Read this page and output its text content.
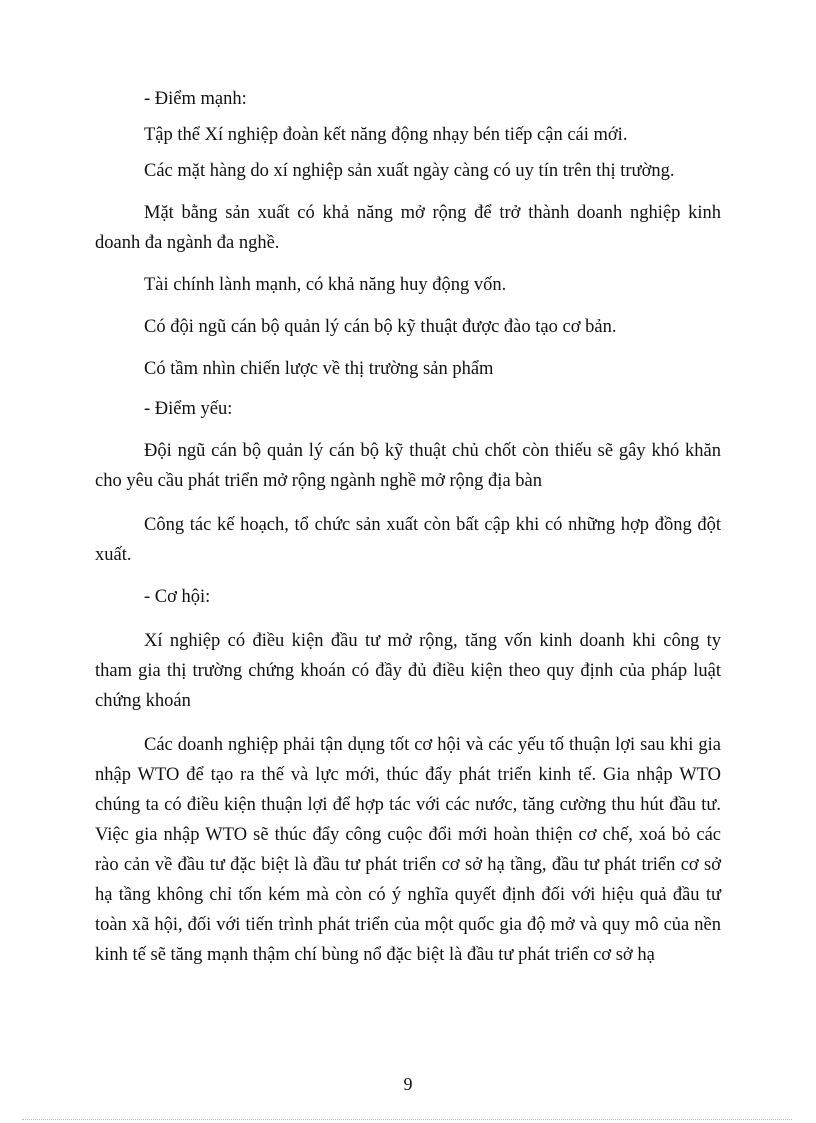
- Điểm mạnh:

Tập thể Xí nghiệp đoàn kết năng động nhạy bén tiếp cận cái mới.

Các mặt hàng do xí nghiệp sản xuất ngày càng có uy tín trên thị trường.

Mặt bằng sản xuất có khả năng mở rộng để trở thành doanh nghiệp kinh doanh đa ngành đa nghề.

Tài chính lành mạnh, có khả năng huy động vốn.

Có đội ngũ cán bộ quản lý cán bộ kỹ thuật được đào tạo cơ bản.

Có tầm nhìn chiến lược về thị trường sản phẩm

- Điểm yếu:

Đội ngũ cán bộ quản lý cán bộ kỹ thuật chủ chốt còn thiếu sẽ gây khó khăn cho yêu cầu phát triển mở rộng ngành nghề mở rộng địa bàn

Công tác kế hoạch, tổ chức sản xuất còn bất cập khi có những hợp đồng đột xuất.

- Cơ hội:

Xí nghiệp có điều kiện đầu tư mở rộng, tăng vốn kinh doanh khi công ty tham gia thị trường chứng khoán có đầy đủ điều kiện theo quy định của pháp luật chứng khoán

Các doanh nghiệp phải tận dụng tốt cơ hội và các yếu tố thuận lợi sau khi gia nhập WTO để tạo ra thế và lực mới, thúc đẩy phát triển kinh tế. Gia nhập WTO chúng ta có điều kiện thuận lợi để hợp tác với các nước, tăng cường thu hút đầu tư. Việc gia nhập WTO sẽ thúc đẩy công cuộc đổi mới hoàn thiện cơ chế, xoá bỏ các rào cản về đầu tư đặc biệt là đầu tư phát triển cơ sở hạ tầng, đầu tư phát triển cơ sở hạ tầng không chỉ tốn kém mà còn có ý nghĩa quyết định đối với hiệu quả đầu tư toàn xã hội, đối với tiến trình phát triển của một quốc gia độ mở và quy mô của nền kinh tế sẽ tăng mạnh thậm chí bùng nổ đặc biệt là đầu tư phát triển cơ sở hạ

9
